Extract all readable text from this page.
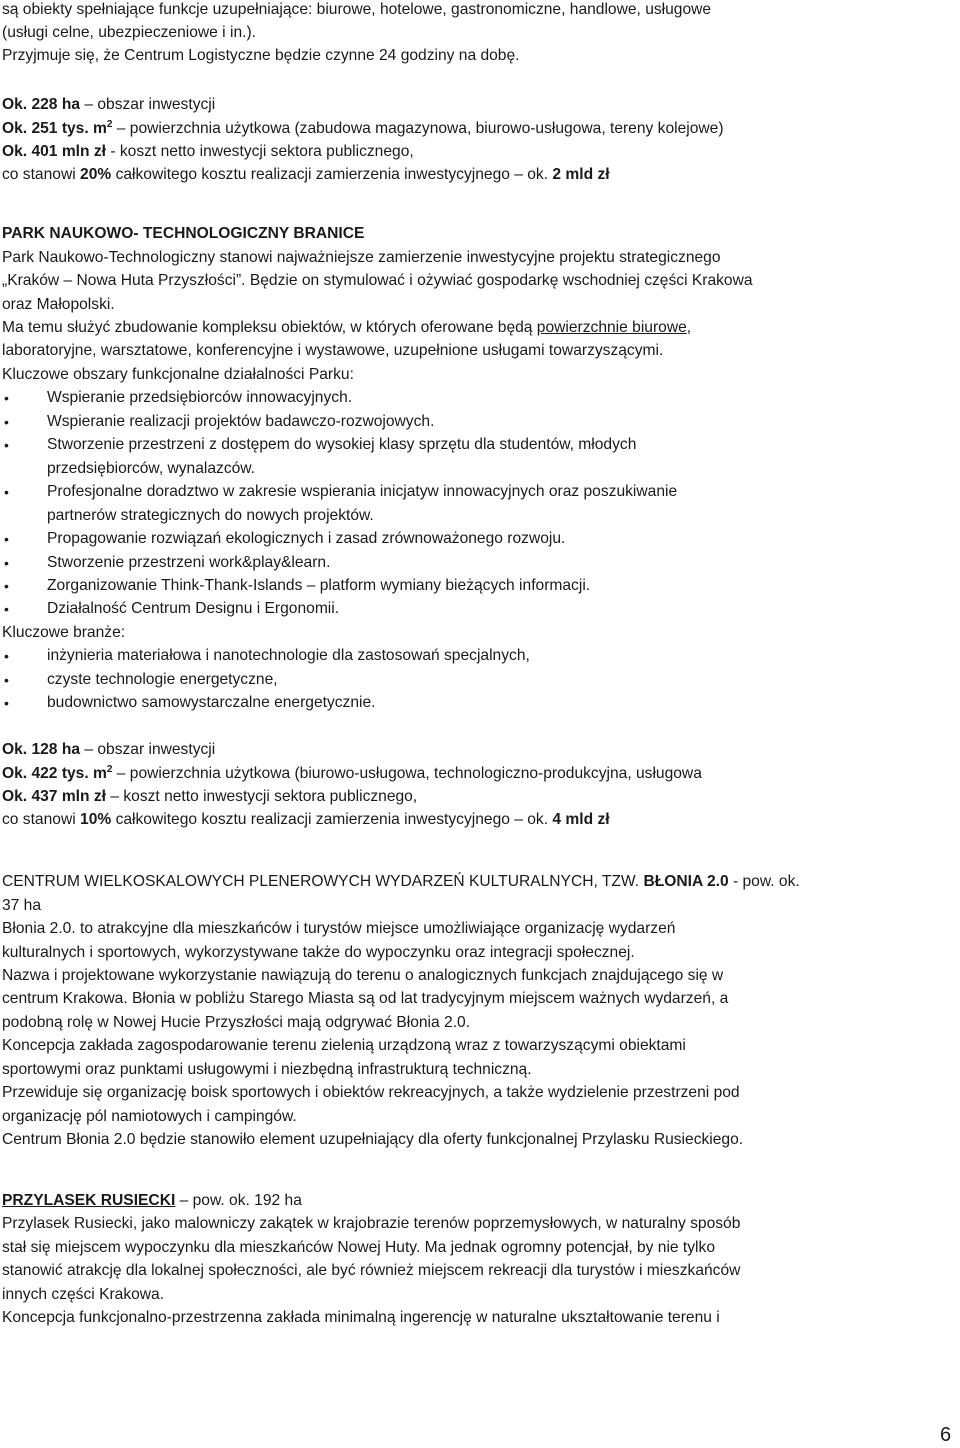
są obiekty spełniające funkcje uzupełniające: biurowe, hotelowe, gastronomiczne, handlowe, usługowe
(usługi celne, ubezpieczeniowe i in.).
Przyjmuje się, że Centrum Logistyczne będzie czynne 24 godziny na dobę.
Ok. 228 ha – obszar inwestycji
Ok. 251 tys. $m^2$ – powierzchnia użytkowa (zabudowa magazynowa, biurowo-usługowa, tereny kolejowe)
Ok. 401 mln zł - koszt netto inwestycji sektora publicznego,
co stanowi 20% całkowitego kosztu realizacji zamierzenia inwestycyjnego – ok. 2 mld zł
PARK NAUKOWO- TECHNOLOGICZNY BRANICE
Park Naukowo-Technologiczny stanowi najważniejsze zamierzenie inwestycyjne projektu strategicznego
„Kraków – Nowa Huta Przyszłości”. Będzie on stymulować i ożywiać gospodarkę wschodniej części Krakowa
oraz Małopolski.
Ma temu służyć zbudowanie kompleksu obiektów, w których oferowane będą powierzchnie biurowe,
laboratoryjne, warsztatowe, konferencyjne i wystawowe, uzupełnione usługami towarzyszącymi.
Kluczowe obszary funkcjonalne działalności Parku:
• Wspieranie przedsiębiorców innowacyjnych.
• Wspieranie realizacji projektów badawczo-rozwojowych.
• Stworzenie przestrzeni z dostępem do wysokiej klasy sprzętu dla studentów, młodych
przedsiębiorców, wynalazców.
• Profesjonalne doradztwo w zakresie wspierania inicjatyw innowacyjnych oraz poszukiwanie
partnerów strategicznych do nowych projektów.
• Propagowanie rozwiązań ekologicznych i zasad zrównoważonego rozwoju.
• Stworzenie przestrzeni work&play&learn.
• Zorganizowanie Think-Thank-Islands – platform wymiany bieżących informacji.
• Działalność Centrum Designu i Ergonomii.
Kluczowe branże:
• inżynieria materiałowa i nanotechnologie dla zastosowań specjalnych,
• czyste technologie energetyczne,
• budownictwo samowystarczalne energetycznie.
Ok. 128 ha – obszar inwestycji
Ok. 422 tys. $m^2$ – powierzchnia użytkowa (biurowo-usługowa, technologiczno-produkcyjna, usługowa
Ok. 437 mln zł – koszt netto inwestycji sektora publicznego,
co stanowi 10% całkowitego kosztu realizacji zamierzenia inwestycyjnego – ok. 4 mld zł
CENTRUM WIELKOSKALOWYCH PLENEROWYCH WYDARZEŃ KULTURALNYCH, TZW. BŁONIA 2.0 - pow. ok.
37 ha
Błonia 2.0. to atrakcyjne dla mieszkańców i turystów miejsce umożliwiające organizację wydarzeń
kulturalnych i sportowych, wykorzystywane także do wypoczynku oraz integracji społecznej.
Nazwa i projektowane wykorzystanie nawiązują do terenu o analogicznych funkcjach znajdującego się w
centrum Krakowa. Błonia w pobliżu Starego Miasta są od lat tradycyjnym miejscem ważnych wydarzeń, a
podobną rolę w Nowej Hucie Przyszłości mają odgrywać Błonia 2.0.
Koncepcja zakłada zagospodarowanie terenu zielenią urządzoną wraz z towarzyszącymi obiektami
sportowymi oraz punktami usługowymi i niezbędną infrastrukturą techniczną.
Przewiduje się organizację boisk sportowych i obiektów rekreacyjnych, a także wydzielenie przestrzeni pod
organizację pól namiotowych i campingów.
Centrum Błonia 2.0 będzie stanowiło element uzupełniający dla oferty funkcjonalnej Przylasku Rusieckiego.
PRZYLASEK RUSIECKI – pow. ok. 192 ha
Przylasek Rusiecki, jako malowniczy zakątek w krajobrazie terenów poprzemysłowych, w naturalny sposób
stał się miejscem wypoczynku dla mieszkańców Nowej Huty. Ma jednak ogromny potencjał, by nie tylko
stanowić atrakcję dla lokalnej społeczności, ale być również miejscem rekreacji dla turystów i mieszkańców
innych części Krakowa.
Koncepcja funkcjonalno-przestrzenna zakłada minimalną ingerencję w naturalne ukształtowanie terenu i
6
